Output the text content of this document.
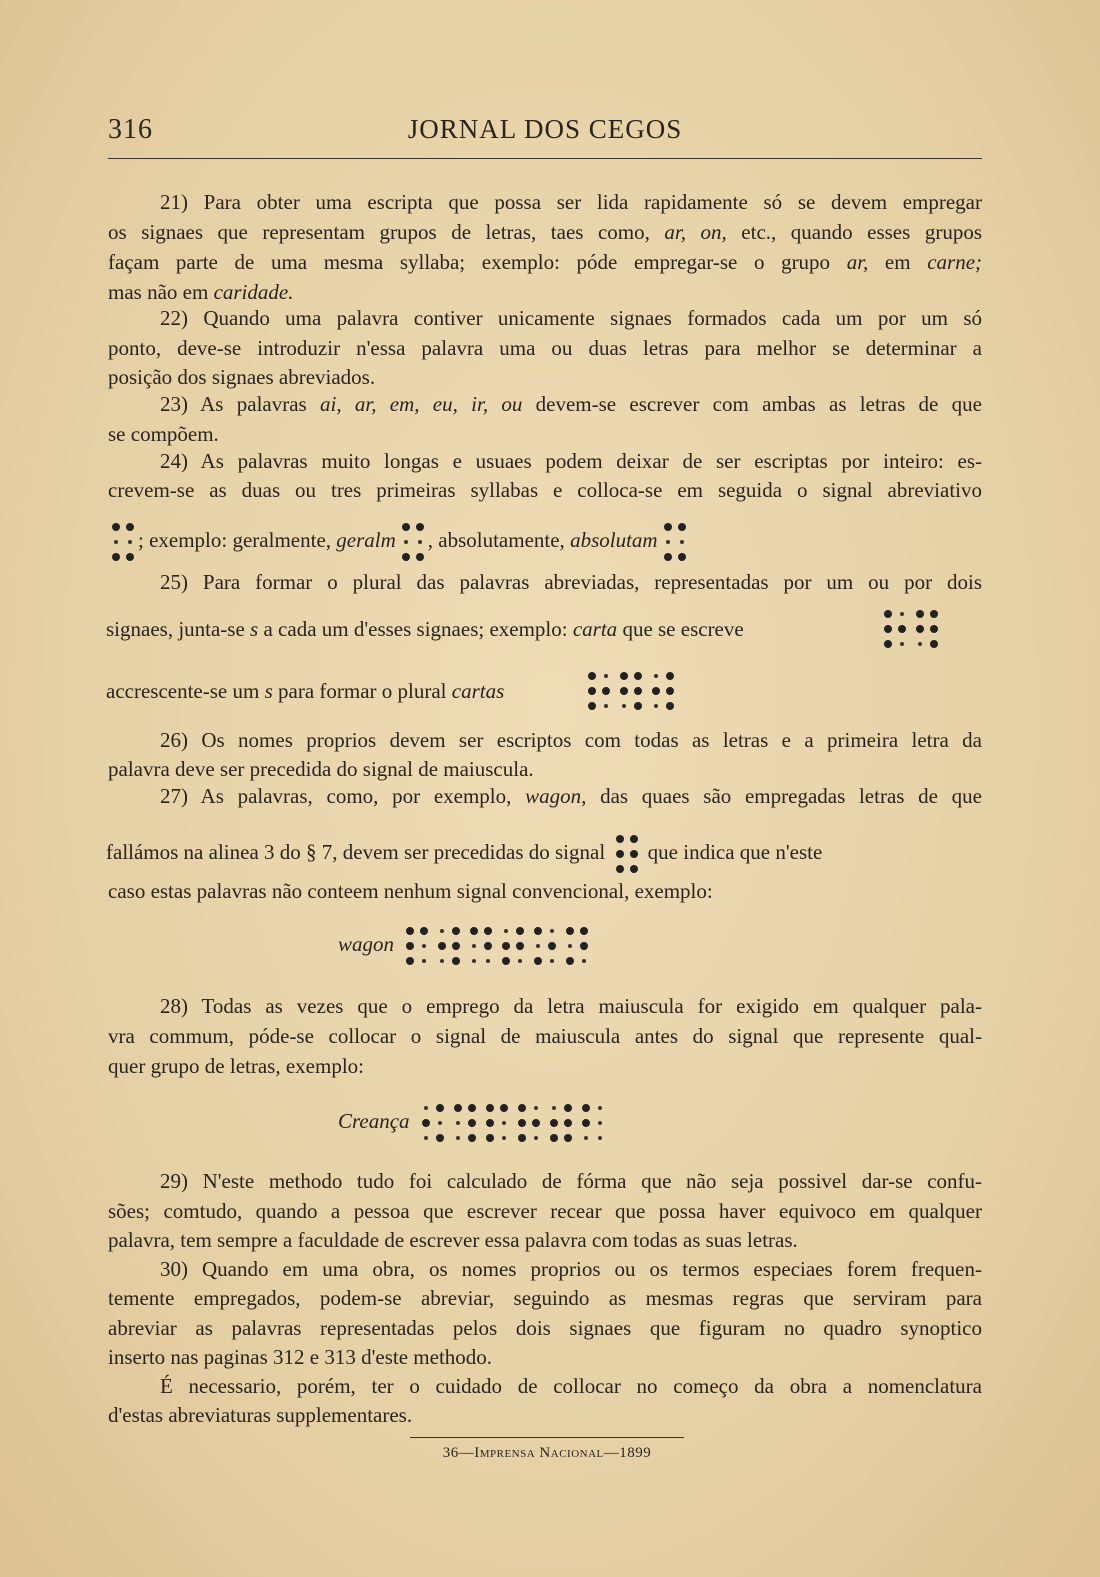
316	JORNAL DOS CEGOS
21) Para obter uma escripta que possa ser lida rapidamente só se devem empregar
os signaes que representam grupos de letras, taes como, ar, on, etc., quando esses grupos
façam parte de uma mesma syllaba; exemplo: póde empregar-se o grupo ar, em carne;
mas não em caridade.
22) Quando uma palavra contiver unicamente signaes formados cada um por um só
ponto, deve-se introduzir n'essa palavra uma ou duas letras para melhor se determinar a
posição dos signaes abreviados.
23) As palavras ai, ar, em, eu, ir, ou devem-se escrever com ambas as letras de que
se compõem.
24) As palavras muito longas e usuaes podem deixar de ser escriptas por inteiro: es-
crevem-se as duas ou tres primeiras syllabas e colloca-se em seguida o signal abreviativo
; exemplo: geralmente, geralm , absolutamente, absolutam
25) Para formar o plural das palavras abreviadas, representadas por um ou por dois
signaes, junta-se s a cada um d'esses signaes; exemplo: carta que se escreve
accrescente-se um s para formar o plural cartas
26) Os nomes proprios devem ser escriptos com todas as letras e a primeira letra da
palavra deve ser precedida do signal de maiuscula.
27) As palavras, como, por exemplo, wagon, das quaes são empregadas letras de que
fallámos na alinea 3 do § 7, devem ser precedidas do signal que indica que n'este
caso estas palavras não conteem nenhum signal convencional, exemplo:
wagon
28) Todas as vezes que o emprego da letra maiuscula for exigido em qualquer pala-
vra commum, póde-se collocar o signal de maiuscula antes do signal que represente qual-
quer grupo de letras, exemplo:
Creança
29) N'este methodo tudo foi calculado de fórma que não seja possivel dar-se confu-
sões; comtudo, quando a pessoa que escrever recear que possa haver equivoco em qualquer
palavra, tem sempre a faculdade de escrever essa palavra com todas as suas letras.
30) Quando em uma obra, os nomes proprios ou os termos especiaes forem frequen-
temente empregados, podem-se abreviar, seguindo as mesmas regras que serviram para
abreviar as palavras representadas pelos dois signaes que figuram no quadro synoptico
inserto nas paginas 312 e 313 d'este methodo.
É necessario, porém, ter o cuidado de collocar no começo da obra a nomenclatura
d'estas abreviaturas supplementares.
36—Imprensa Nacional—1899
